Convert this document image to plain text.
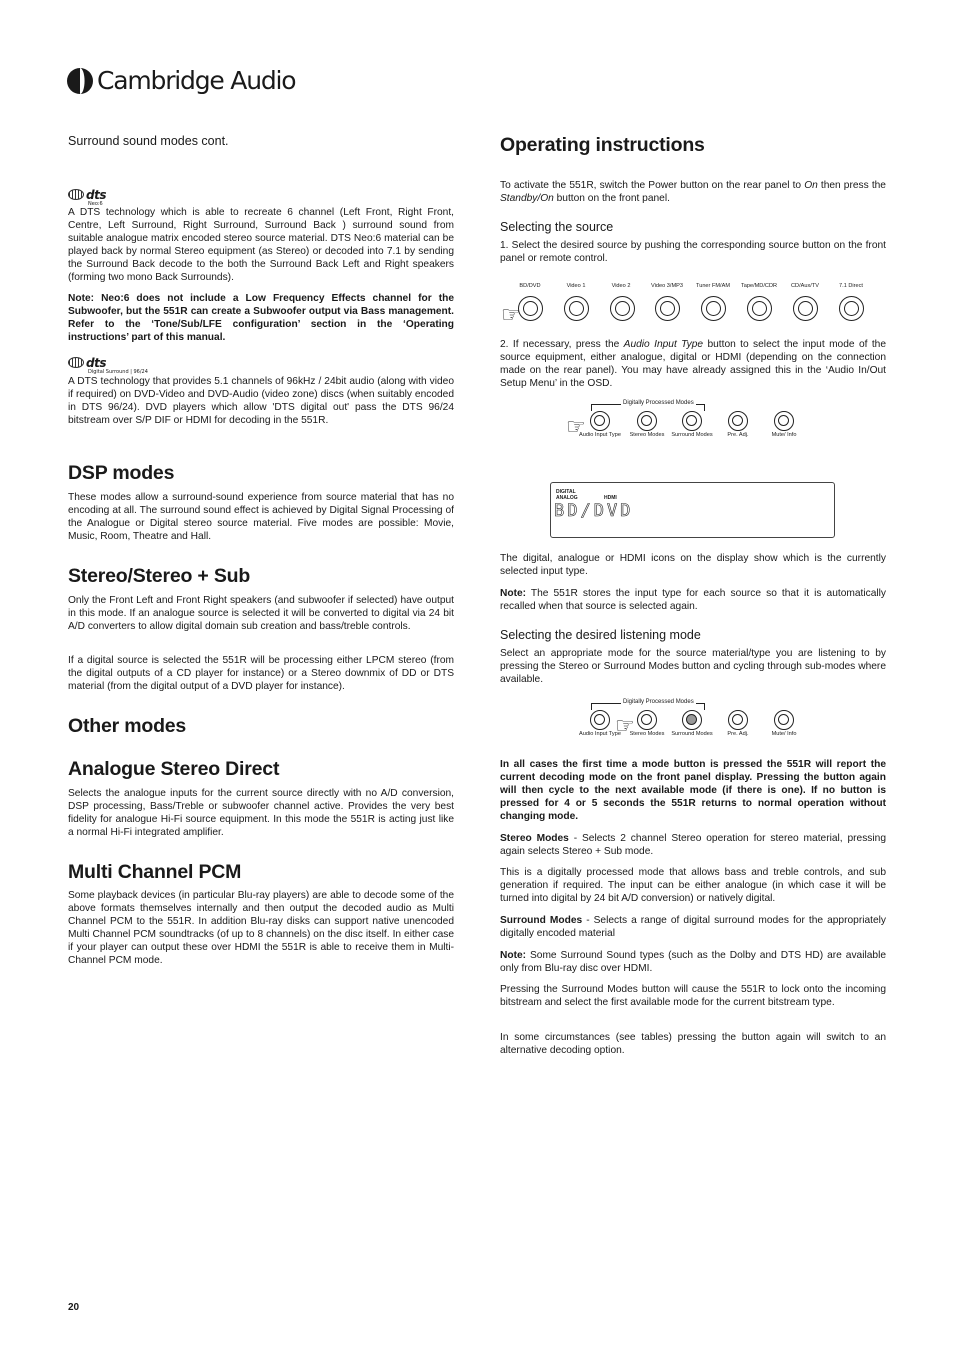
Cambridge Audio
Surround sound modes cont.
dts
Neo:6

A DTS technology which is able to recreate 6 channel (Left Front, Right Front, Centre, Left Surround, Right Surround, Surround Back ) surround sound from suitable analogue matrix encoded stereo source material. DTS Neo:6 material can be played back by normal Stereo equipment (as Stereo) or decoded into 7.1 by sending the Surround Back decode to the both the Surround Back Left and Right speakers (forming two mono Back Surrounds).

Note: Neo:6 does not include a Low Frequency Effects channel for the Subwoofer, but the 551R can create a Subwoofer output via Bass management. Refer to the ‘Tone/Sub/LFE configuration’ section in the ‘Operating instructions’ part of this manual.

dts
Digital Surround | 96/24

A DTS technology that provides 5.1 channels of 96kHz / 24bit audio (along with video if required) on DVD-Video and DVD-Audio (video zone) discs (when suitably encoded in DTS 96/24). DVD players which allow 'DTS digital out' pass the DTS 96/24 bitstream over S/P DIF or HDMI for decoding in the 551R.

DSP modes

These modes allow a surround-sound experience from source material that has no encoding at all. The surround sound effect is achieved by Digital Signal Processing of the Analogue or Digital stereo source material. Five modes are possible: Movie, Music, Room, Theatre and Hall.

Stereo/Stereo + Sub

Only the Front Left and Front Right speakers (and subwoofer if selected) have output in this mode. If an analogue source is selected it will be converted to digital via 24 bit A/D converters to allow digital domain sub creation and bass/treble controls.

If a digital source is selected the 551R will be processing either LPCM stereo (from the digital outputs of a CD player for instance) or a Stereo downmix of DD or DTS material (from the digital output of a DVD player for instance).

Other modes
Analogue Stereo Direct

Selects the analogue inputs for the current source directly with no A/D conversion, DSP processing, Bass/Treble or subwoofer channel active. Provides the very best fidelity for analogue Hi-Fi source equipment. In this mode the 551R is acting just like a normal Hi-Fi integrated amplifier.

Multi Channel PCM

Some playback devices (in particular Blu-ray players) are able to decode some of the above formats themselves internally and then output the decoded audio as Multi Channel PCM to the 551R. In addition Blu-ray disks can support native unencoded Multi Channel PCM soundtracks (of up to 8 channels) on the disc itself. In either case if your player can output these over HDMI the 551R is able to receive them in Multi-Channel PCM mode.

Operating instructions

To activate the 551R, switch the Power button on the rear panel to On then press the Standby/On button on the front panel.

Selecting the source

1. Select the desired source by pushing the corresponding source button on the front panel or remote control.

BD/DVD	Video 1	Video 2	Video 3/MP3	Tuner FM/AM	Tape/MD/CDR	CD/Aux/TV	7.1 Direct
☞

2. If necessary, press the Audio Input Type button to select the input mode of the source equipment, either analogue, digital or HDMI (depending on the connection made on the rear panel). You may have already assigned this in the ‘Audio In/Out Setup Menu’ in the OSD.

Digitally Processed Modes
Audio Input Type	Stereo Modes	Surround Modes	Pre. Adj.	Mute/ Info
☞
DIGITAL
ANALOG	HDMI
BD/DVD

The digital, analogue or HDMI icons on the display show which is the currently selected input type.

Note: The 551R stores the input type for each source so that it is automatically recalled when that source is selected again.

Selecting the desired listening mode

Select an appropriate mode for the source material/type you are listening to by pressing the Stereo or Surround Modes button and cycling through sub-modes where available.

Digitally Processed Modes
Audio Input Type	Stereo Modes	Surround Modes	Pre. Adj.	Mute/ Info
☞

In all cases the first time a mode button is pressed the 551R will report the current decoding mode on the front panel display. Pressing the button again will then cycle to the next available mode (if there is one). If no button is pressed for 4 or 5 seconds the 551R returns to normal operation without changing mode.

Stereo Modes - Selects 2 channel Stereo operation for stereo material, pressing again selects Stereo + Sub mode.

This is a digitally processed mode that allows bass and treble controls, and sub generation if required. The input can be either analogue (in which case it will be turned into digital by 24 bit A/D conversion) or natively digital.

Surround Modes - Selects a range of digital surround modes for the appropriately digitally encoded material

Note: Some Surround Sound types (such as the Dolby and DTS HD) are available only from Blu-ray disc over HDMI.

Pressing the Surround Modes button will cause the 551R to lock onto the incoming bitstream and select the first available mode for the current bitstream type.

In some circumstances (see tables) pressing the button again will switch to an alternative decoding option.

20
